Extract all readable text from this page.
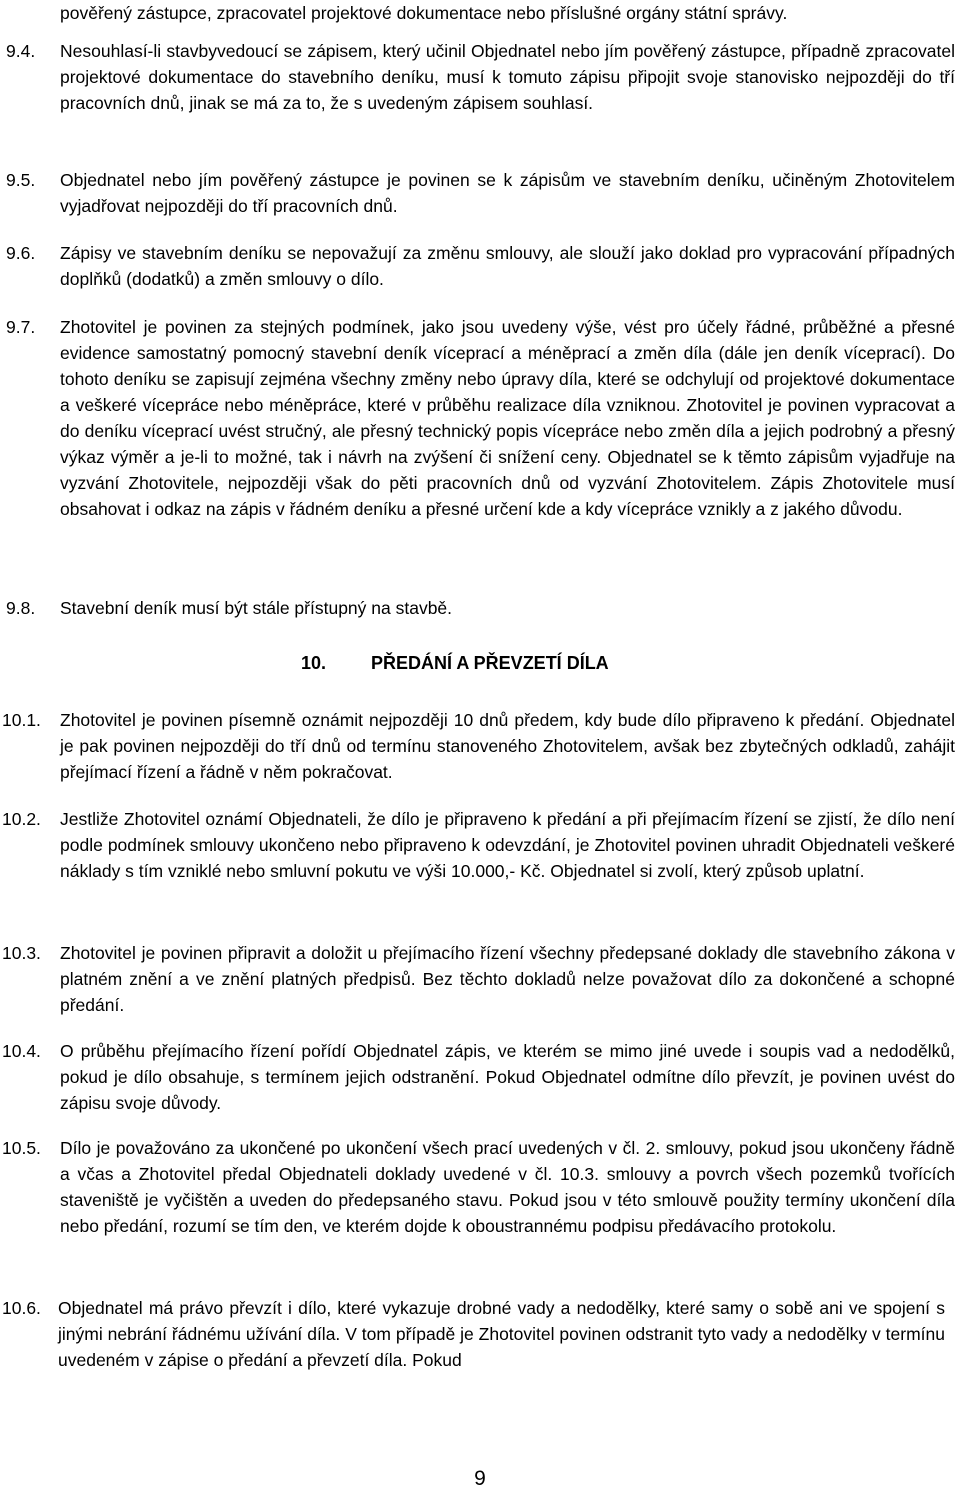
pověřený zástupce, zpracovatel projektové dokumentace nebo příslušné orgány státní správy.
9.4. Nesouhlasí-li stavbyvedoucí se zápisem, který učinil Objednatel nebo jím pověřený zástupce, případně zpracovatel projektové dokumentace do stavebního deníku, musí k tomuto zápisu připojit svoje stanovisko nejpozději do tří pracovních dnů, jinak se má za to, že s uvedeným zápisem souhlasí.
9.5. Objednatel nebo jím pověřený zástupce je povinen se k zápisům ve stavebním deníku, učiněným Zhotovitelem vyjadřovat nejpozději do tří pracovních dnů.
9.6. Zápisy ve stavebním deníku se nepovažují za změnu smlouvy, ale slouží jako doklad pro vypracování případných doplňků (dodatků) a změn smlouvy o dílo.
9.7. Zhotovitel je povinen za stejných podmínek, jako jsou uvedeny výše, vést pro účely řádné, průběžné a přesné evidence samostatný pomocný stavební deník víceprací a méněprací a změn díla (dále jen deník víceprací). Do tohoto deníku se zapisují zejména všechny změny nebo úpravy díla, které se odchylují od projektové dokumentace a veškeré vícepráce nebo méněpráce, které v průběhu realizace díla vzniknou. Zhotovitel je povinen vypracovat a do deníku víceprací uvést stručný, ale přesný technický popis vícepráce nebo změn díla a jejich podrobný a přesný výkaz výměr a je-li to možné, tak i návrh na zvýšení či snížení ceny. Objednatel se k těmto zápisům vyjadřuje na vyzvání Zhotovitele, nejpozději však do pěti pracovních dnů od vyzvání Zhotovitelem. Zápis Zhotovitele musí obsahovat i odkaz na zápis v řádném deníku a přesné určení kde a kdy vícepráce vznikly a z jakého důvodu.
9.8. Stavební deník musí být stále přístupný na stavbě.
10. PŘEDÁNÍ A PŘEVZETÍ DÍLA
10.1. Zhotovitel je povinen písemně oznámit nejpozději 10 dnů předem, kdy bude dílo připraveno k předání. Objednatel je pak povinen nejpozději do tří dnů od termínu stanoveného Zhotovitelem, avšak bez zbytečných odkladů, zahájit přejímací řízení a řádně v něm pokračovat.
10.2. Jestliže Zhotovitel oznámí Objednateli, že dílo je připraveno k předání a při přejímacím řízení se zjistí, že dílo není podle podmínek smlouvy ukončeno nebo připraveno k odevzdání, je Zhotovitel povinen uhradit Objednateli veškeré náklady s tím vzniklé nebo smluvní pokutu ve výši 10.000,- Kč. Objednatel si zvolí, který způsob uplatní.
10.3. Zhotovitel je povinen připravit a doložit u přejímacího řízení všechny předepsané doklady dle stavebního zákona v platném znění a ve znění platných předpisů. Bez těchto dokladů nelze považovat dílo za dokončené a schopné předání.
10.4. O průběhu přejímacího řízení pořídí Objednatel zápis, ve kterém se mimo jiné uvede i soupis vad a nedodělků, pokud je dílo obsahuje, s termínem jejich odstranění. Pokud Objednatel odmítne dílo převzít, je povinen uvést do zápisu svoje důvody.
10.5. Dílo je považováno za ukončené po ukončení všech prací uvedených v čl. 2. smlouvy, pokud jsou ukončeny řádně a včas a Zhotovitel předal Objednateli doklady uvedené v čl. 10.3. smlouvy a povrch všech pozemků tvořících staveniště je vyčištěn a uveden do předepsaného stavu. Pokud jsou v této smlouvě použity termíny ukončení díla nebo předání, rozumí se tím den, ve kterém dojde k oboustrannému podpisu předávacího protokolu.
10.6. Objednatel má právo převzít i dílo, které vykazuje drobné vady a nedodělky, které samy o sobě ani ve spojení s jinými nebrání řádnému užívání díla. V tom případě je Zhotovitel povinen odstranit tyto vady a nedodělky v termínu uvedeném v zápise o předání a převzetí díla. Pokud
9
